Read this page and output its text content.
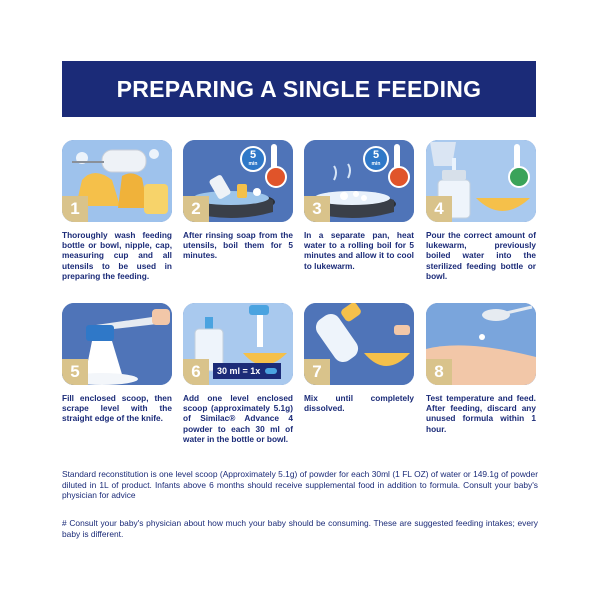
PREPARING A SINGLE FEEDING
1
Thoroughly wash feeding bottle or bowl, nipple, cap, measuring cup and all utensils to be used in preparing the feeding.
2
5
min
After rinsing soap from the utensils, boil them for 5 minutes.
3
5
min
In a separate pan, heat water to a rolling boil for 5 minutes and allow it to cool to lukewarm.
4
Pour the correct amount of lukewarm, previously boiled water into the sterilized feeding bottle or bowl.
5
Fill enclosed scoop, then scrape level with the straight edge of the knife.
6	30 ml = 1x
Add one level enclosed scoop (approximately 5.1g) of Similac® Advance 4 powder to each 30 ml of water in the bottle or bowl.
7
Mix until completely dissolved.
8
Test temperature and feed. After feeding, discard any unused formula within 1 hour.
Standard reconstitution is one level scoop (Approximately 5.1g) of powder for each 30ml (1 FL OZ) of water or 149.1g of powder diluted in 1L of product. Infants above 6 months should receive supplemental food in addition to formula. Consult your baby's physician for advice
# Consult your baby's physician about how much your baby should be consuming. These are suggested feeding intakes; every baby is different.
